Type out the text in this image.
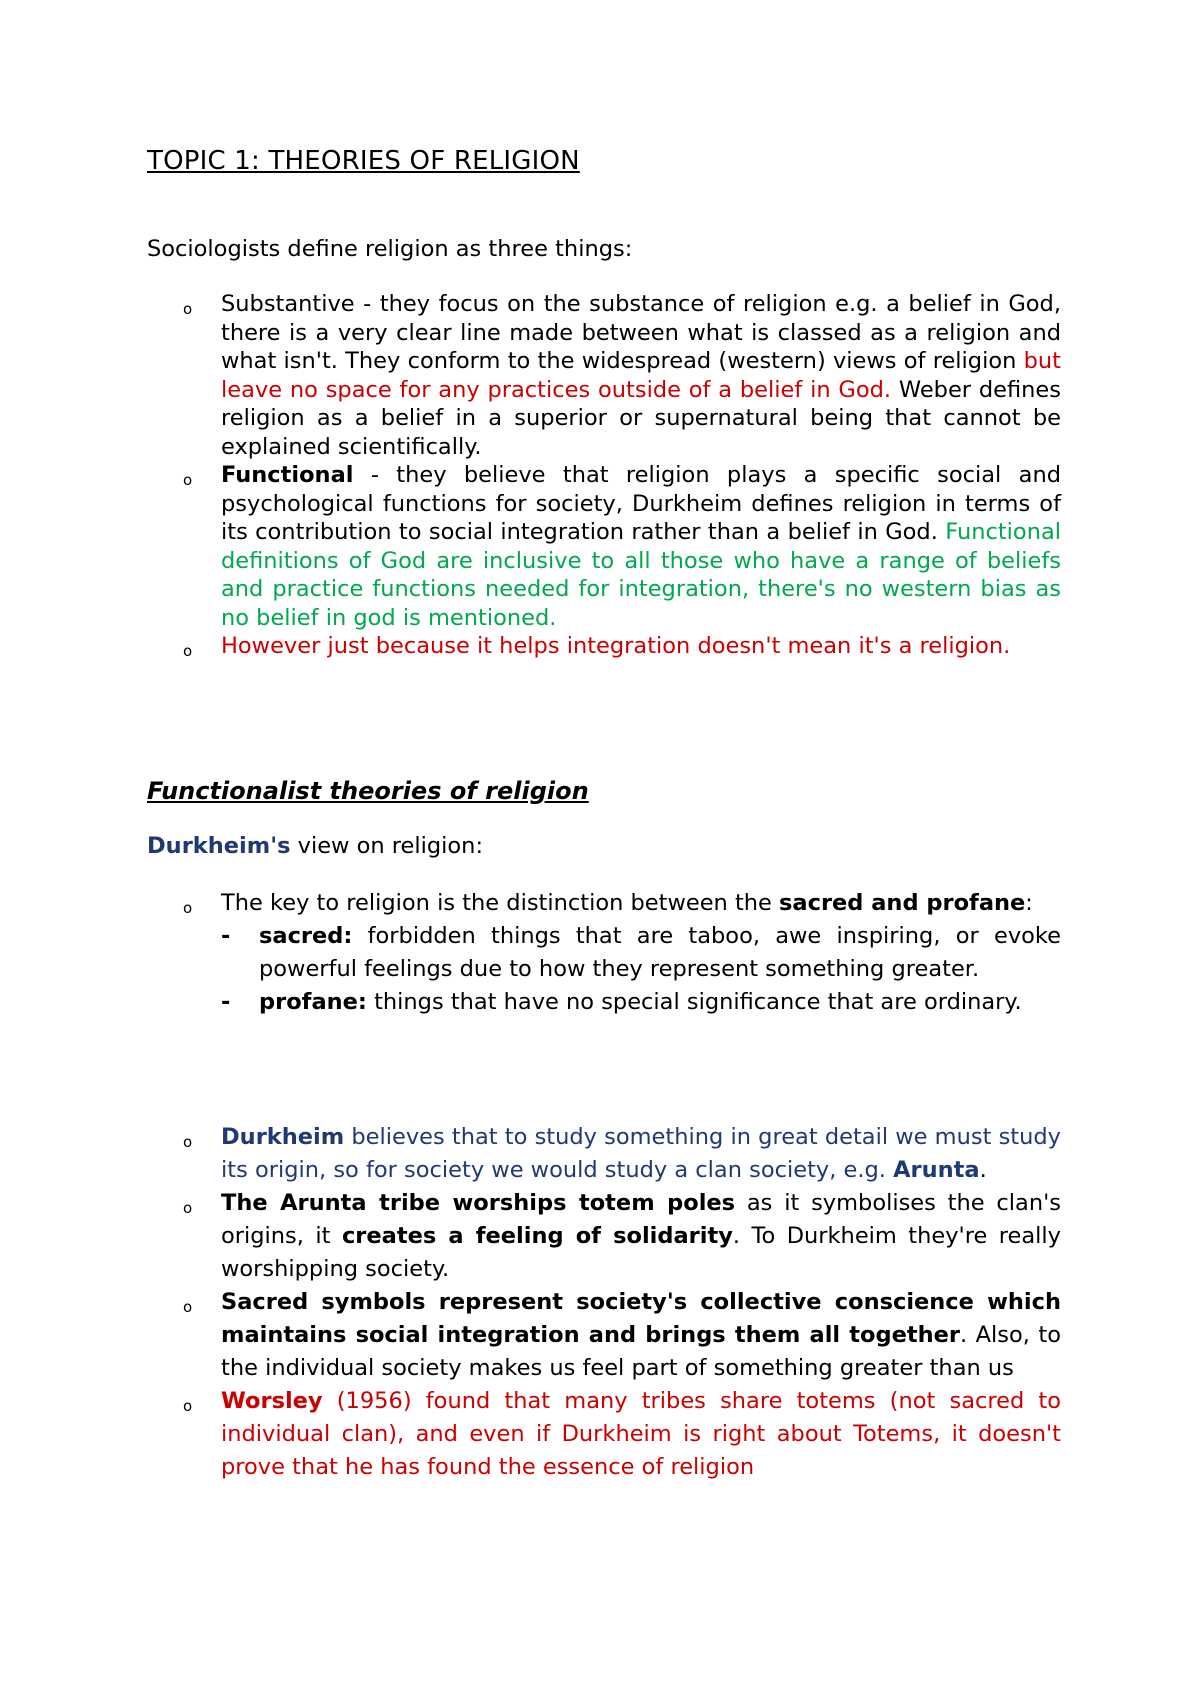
TOPIC 1: THEORIES OF RELIGION
Sociologists define religion as three things:
o Substantive - they focus on the substance of religion e.g. a belief in God, there is a very clear line made between what is classed as a religion and what isn't. They conform to the widespread (western) views of religion but leave no space for any practices outside of a belief in God. Weber defines religion as a belief in a superior or supernatural being that cannot be explained scientifically.
o Functional - they believe that religion plays a specific social and psychological functions for society, Durkheim defines religion in terms of its contribution to social integration rather than a belief in God. Functional definitions of God are inclusive to all those who have a range of beliefs and practice functions needed for integration, there's no western bias as no belief in god is mentioned.
o However just because it helps integration doesn't mean it's a religion.
Functionalist theories of religion
Durkheim's view on religion:
o The key to religion is the distinction between the sacred and profane:
- sacred: forbidden things that are taboo, awe inspiring, or evoke powerful feelings due to how they represent something greater.
- profane: things that have no special significance that are ordinary.
o Durkheim believes that to study something in great detail we must study its origin, so for society we would study a clan society, e.g. Arunta.
o The Arunta tribe worships totem poles as it symbolises the clan's origins, it creates a feeling of solidarity. To Durkheim they're really worshipping society.
o Sacred symbols represent society's collective conscience which maintains social integration and brings them all together. Also, to the individual society makes us feel part of something greater than us
o Worsley (1956) found that many tribes share totems (not sacred to individual clan), and even if Durkheim is right about Totems, it doesn't prove that he has found the essence of religion
